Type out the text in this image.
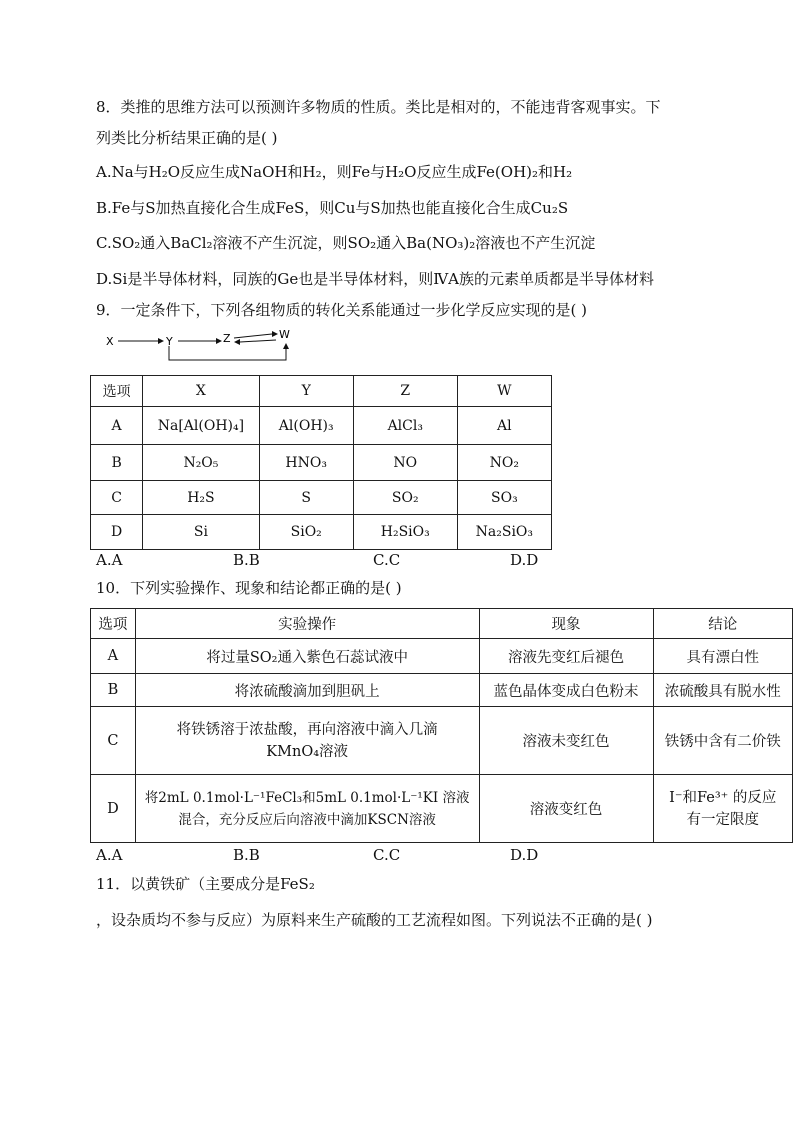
8．类推的思维方法可以预测许多物质的性质。类比是相对的，不能违背客观事实。下
列类比分析结果正确的是( )
A.Na与H₂O反应生成NaOH和H₂，则Fe与H₂O反应生成Fe(OH)₂和H₂
B.Fe与S加热直接化合生成FeS，则Cu与S加热也能直接化合生成Cu₂S
C.SO₂通入BaCl₂溶液不产生沉淀，则SO₂通入Ba(NO₃)₂溶液也不产生沉淀
D.Si是半导体材料，同族的Ge也是半导体材料，则ⅣA族的元素单质都是半导体材料
9．一定条件下，下列各组物质的转化关系能通过一步化学反应实现的是( )
X	Y	Z	W
选项	X	Y	Z	W
A	Na[Al(OH)₄]	Al(OH)₃	AlCl₃	Al
B	N₂O₅	HNO₃	NO	NO₂
C	H₂S	S	SO₂	SO₃
D	Si	SiO₂	H₂SiO₃	Na₂SiO₃
A.A	B.B	C.C	D.D
10．下列实验操作、现象和结论都正确的是( )
选项	实验操作	现象	结论
A	将过量SO₂通入紫色石蕊试液中	溶液先变红后褪色	具有漂白性
B	将浓硫酸滴加到胆矾上	蓝色晶体变成白色粉末	浓硫酸具有脱水性
C	将铁锈溶于浓盐酸，再向溶液中滴入几滴 KMnO₄溶液	溶液未变红色	铁锈中含有二价铁
D	将2mL 0.1mol·L⁻¹FeCl₃和5mL 0.1mol·L⁻¹KI 溶液混合，充分反应后向溶液中滴加KSCN溶液	溶液变红色	I⁻和Fe³⁺ 的反应有一定限度
A.A	B.B	C.C	D.D
11．以黄铁矿（主要成分是FeS₂
，设杂质均不参与反应）为原料来生产硫酸的工艺流程如图。下列说法不正确的是( )
